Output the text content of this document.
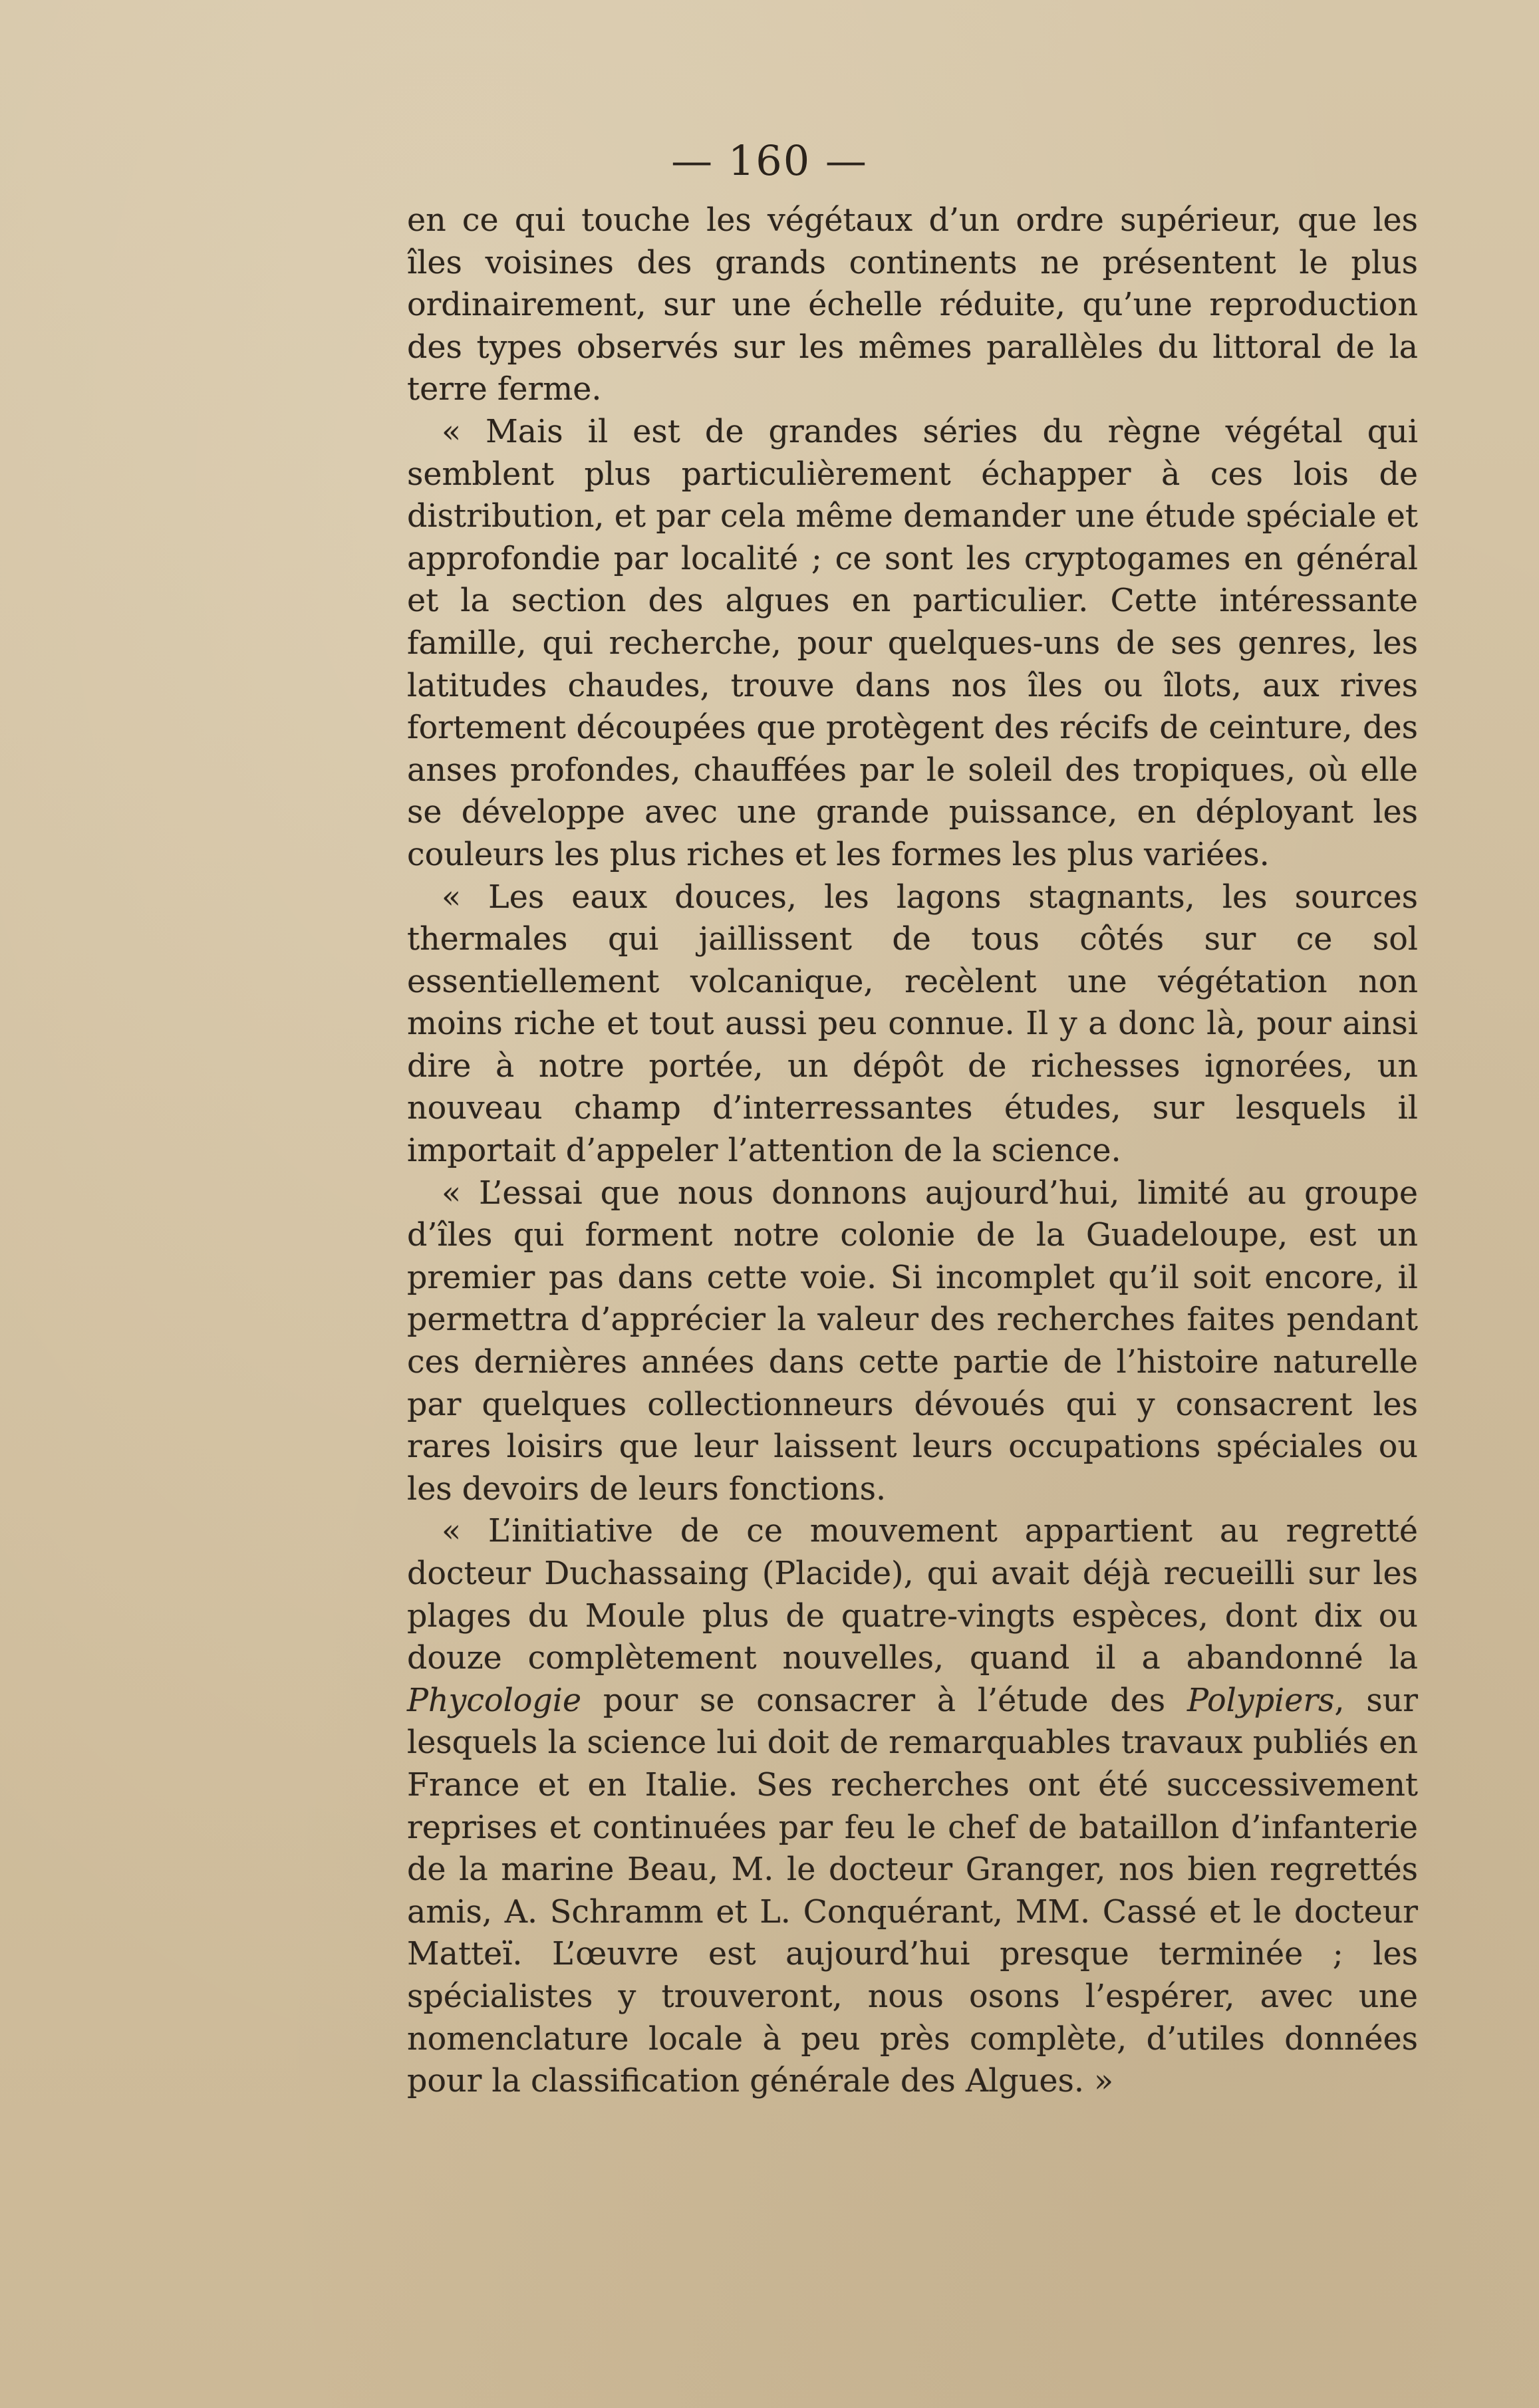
— 160 —

en ce qui touche les végétaux d’un ordre supérieur, que les îles voisines des grands continents ne présentent le plus ordinairement, sur une échelle réduite, qu’une reproduction des types observés sur les mêmes parallèles du littoral de la terre ferme.

« Mais il est de grandes séries du règne végétal qui semblent plus particulièrement échapper à ces lois de distribution, et par cela même demander une étude spéciale et approfondie par localité ; ce sont les cryptogames en général et la section des algues en particulier. Cette intéressante famille, qui recherche, pour quelques-uns de ses genres, les latitudes chaudes, trouve dans nos îles ou îlots, aux rives fortement découpées que protègent des récifs de ceinture, des anses profondes, chauffées par le soleil des tropiques, où elle se développe avec une grande puissance, en déployant les couleurs les plus riches et les formes les plus variées.

« Les eaux douces, les lagons stagnants, les sources thermales qui jaillissent de tous côtés sur ce sol essentiellement volcanique, recèlent une végétation non moins riche et tout aussi peu connue. Il y a donc là, pour ainsi dire à notre portée, un dépôt de richesses ignorées, un nouveau champ d’interressantes études, sur lesquels il importait d’appeler l’attention de la science.

« L’essai que nous donnons aujourd’hui, limité au groupe d’îles qui forment notre colonie de la Guadeloupe, est un premier pas dans cette voie. Si incomplet qu’il soit encore, il permettra d’apprécier la valeur des recherches faites pendant ces dernières années dans cette partie de l’histoire naturelle par quelques collectionneurs dévoués qui y consacrent les rares loisirs que leur laissent leurs occupations spéciales ou les devoirs de leurs fonctions.

« L’initiative de ce mouvement appartient au regretté docteur Duchassaing (Placide), qui avait déjà recueilli sur les plages du Moule plus de quatre-vingts espèces, dont dix ou douze complètement nouvelles, quand il a abandonné la Phycologie pour se consacrer à l’étude des Polypiers, sur lesquels la science lui doit de remarquables travaux publiés en France et en Italie. Ses recherches ont été successivement reprises et continuées par feu le chef de bataillon d’infanterie de la marine Beau, M. le docteur Granger, nos bien regrettés amis, A. Schramm et L. Conquérant, MM. Cassé et le docteur Matteï. L’œuvre est aujourd’hui presque terminée ; les spécialistes y trouveront, nous osons l’espérer, avec une nomenclature locale à peu près complète, d’utiles données pour la classification générale des Algues. »
